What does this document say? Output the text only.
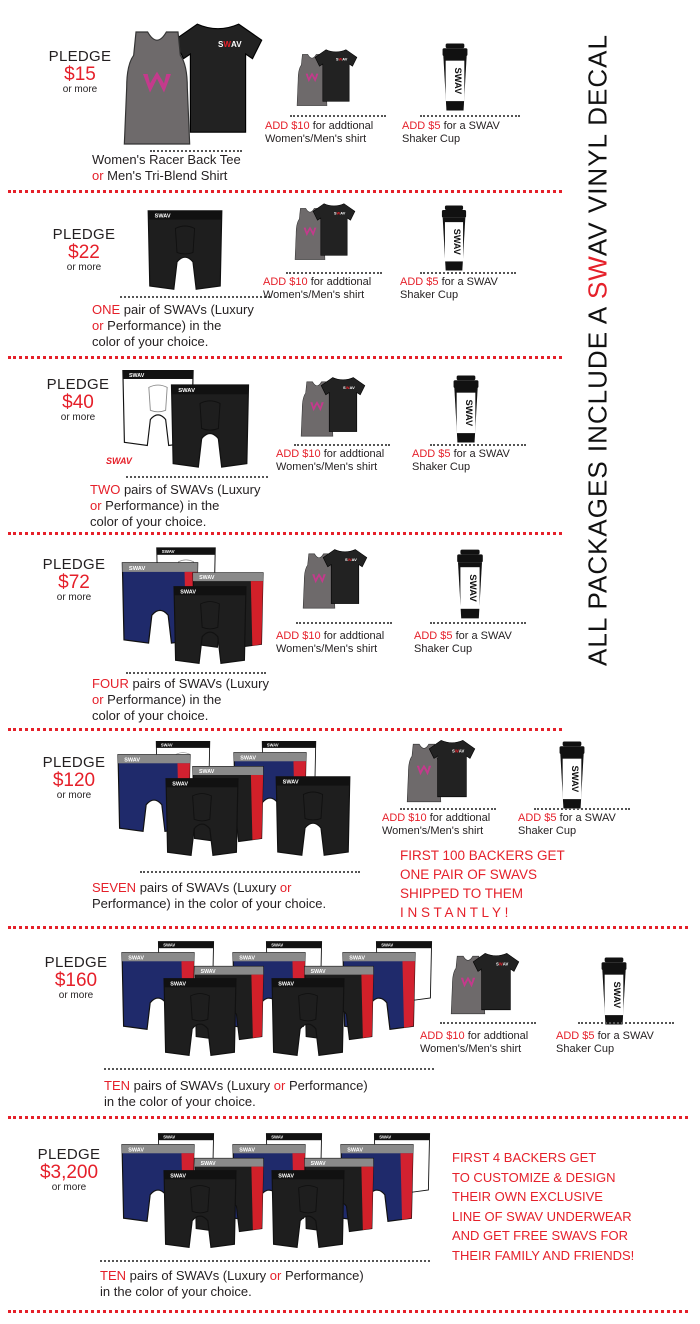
ALL PACKAGES INCLUDE A SWAV VINYL DECAL
PLEDGE
$15
or more
Women's Racer Back Tee
or Men's Tri-Blend Shirt
ADD $10 for addtional
Women's/Men's shirt
ADD $5 for a SWAV
Shaker Cup
PLEDGE
$22
or more
ONE pair of SWAVs (Luxury
or Performance) in the
color of your choice.
ADD $10 for addtional
Women's/Men's shirt
ADD $5 for a SWAV
Shaker Cup
PLEDGE
$40
or more
SWAV
TWO pairs of SWAVs (Luxury
or Performance) in the
color of your choice.
ADD $10 for addtional
Women's/Men's shirt
ADD $5 for a SWAV
Shaker Cup
PLEDGE
$72
or more
FOUR pairs of SWAVs (Luxury
or Performance) in the
color of your choice.
ADD $10 for addtional
Women's/Men's shirt
ADD $5 for a SWAV
Shaker Cup
PLEDGE
$120
or more
SEVEN pairs of SWAVs (Luxury or
Performance) in the color of your choice.
ADD $10 for addtional
Women's/Men's shirt
ADD $5 for a SWAV
Shaker Cup
FIRST 100 BACKERS GET
ONE PAIR OF SWAVS
SHIPPED TO THEM
I N S T A N T L Y !
PLEDGE
$160
or more
TEN pairs of SWAVs (Luxury or Performance)
in the color of your choice.
ADD $10 for addtional
Women's/Men's shirt
ADD $5 for a SWAV
Shaker Cup
PLEDGE
$3,200
or more
TEN pairs of SWAVs (Luxury or Performance)
in the color of your choice.
FIRST 4 BACKERS GET
TO CUSTOMIZE & DESIGN
THEIR OWN EXCLUSIVE
LINE OF SWAV UNDERWEAR
AND GET FREE SWAVS FOR
THEIR FAMILY AND FRIENDS!
